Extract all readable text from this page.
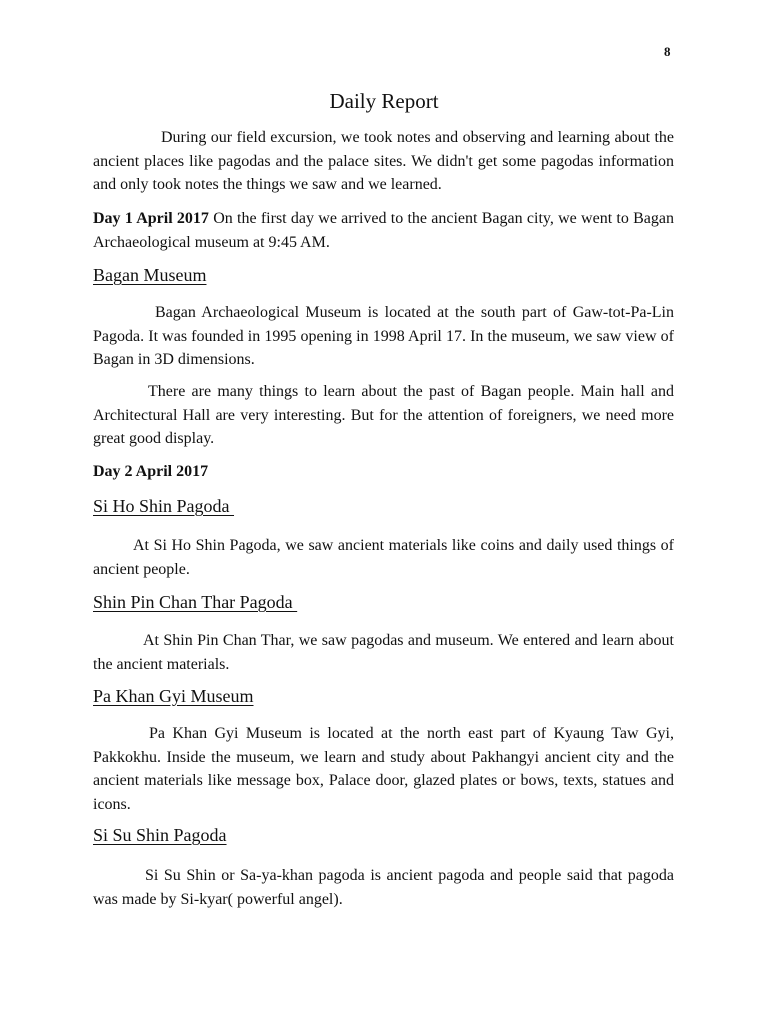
8
Daily Report

During our field excursion, we took notes and observing and learning about the ancient places like pagodas and the palace sites. We didn't get some pagodas information and only took notes the things we saw and we learned.

Day 1 April 2017 On the first day we arrived to the ancient Bagan city, we went to Bagan Archaeological museum at 9:45 AM.

Bagan Museum

Bagan Archaeological Museum is located at the south part of Gaw-tot-Pa-Lin Pagoda. It was founded in 1995 opening in 1998 April 17. In the museum, we saw view of Bagan in 3D dimensions.

There are many things to learn about the past of Bagan people. Main hall and Architectural Hall are very interesting. But for the attention of foreigners, we need more great good display.

Day 2 April 2017

Si Ho Shin Pagoda

At Si Ho Shin Pagoda, we saw ancient materials like coins and daily used things of ancient people.

Shin Pin Chan Thar Pagoda

At Shin Pin Chan Thar, we saw pagodas and museum. We entered and learn about the ancient materials.

Pa Khan Gyi Museum

Pa Khan Gyi Museum is located at the north east part of Kyaung Taw Gyi, Pakkokhu. Inside the museum, we learn and study about Pakhangyi ancient city and the ancient materials like message box, Palace door, glazed plates or bows, texts, statues and icons.

Si Su Shin Pagoda

Si Su Shin or Sa-ya-khan pagoda is ancient pagoda and people said that pagoda was made by Si-kyar( powerful angel).
